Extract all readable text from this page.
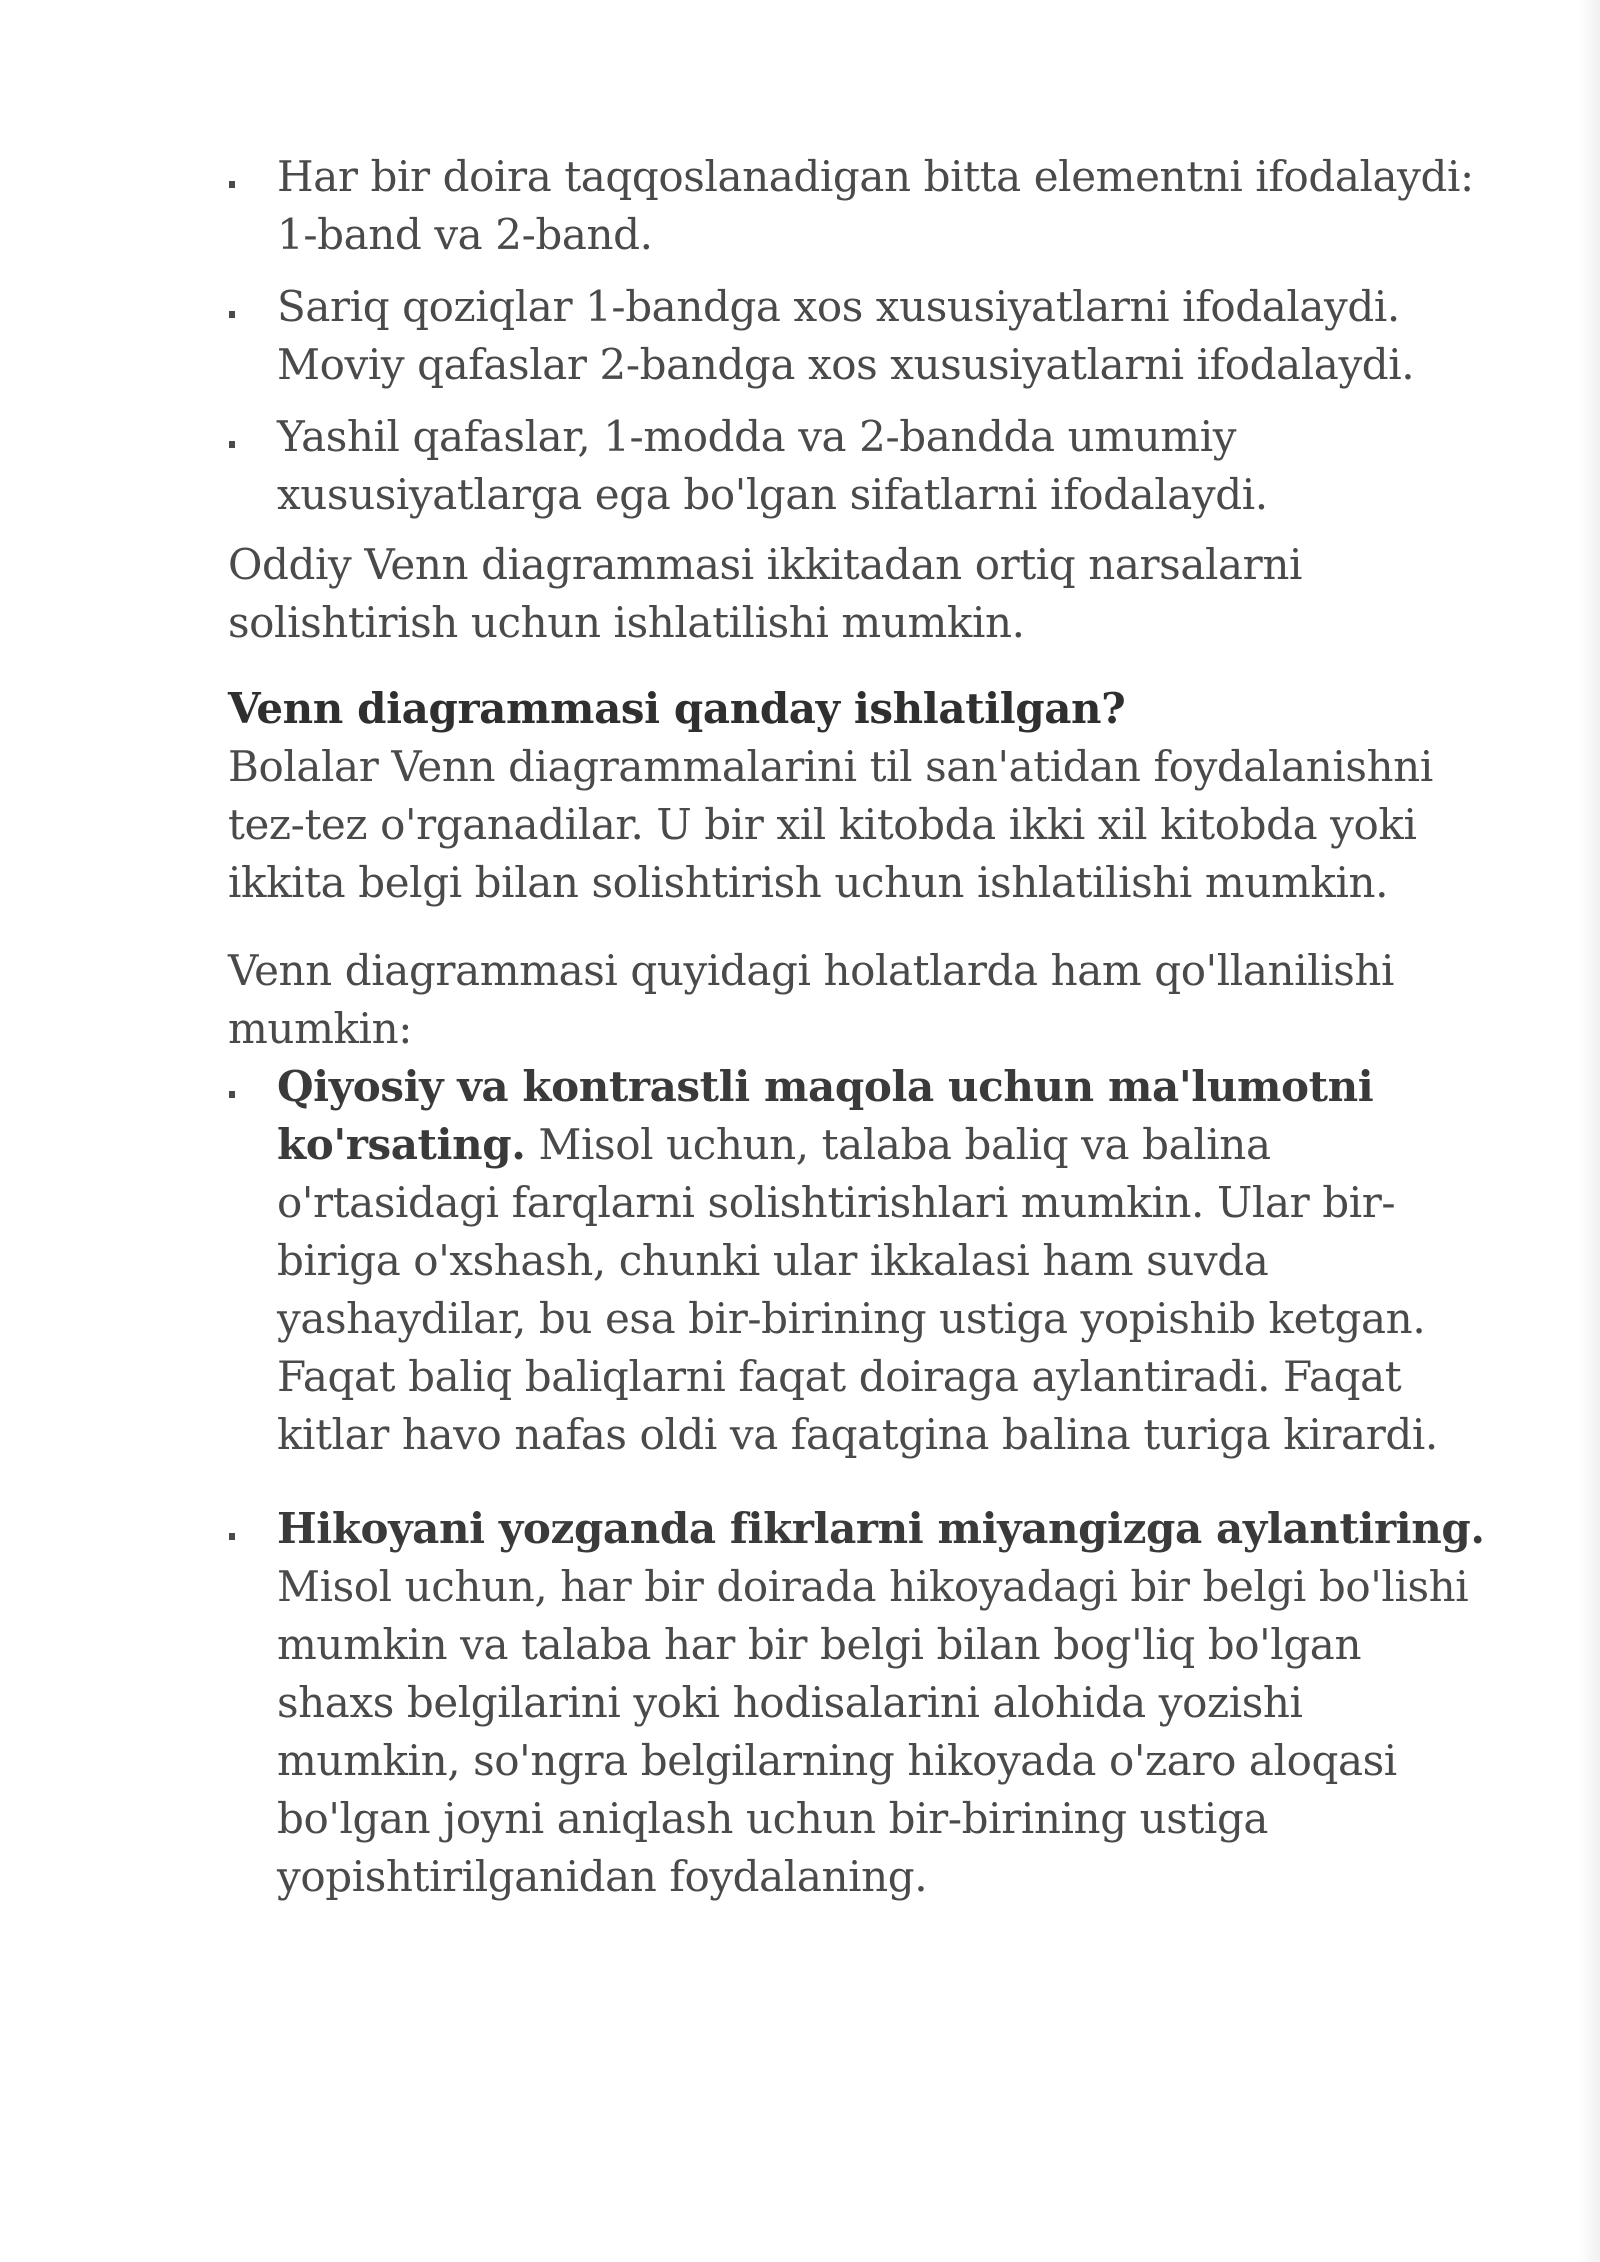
Har bir doira taqqoslanadigan bitta elementni ifodalaydi: 1-band va 2-band.
Sariq qoziqlar 1-bandga xos xususiyatlarni ifodalaydi. Moviy qafaslar 2-bandga xos xususiyatlarni ifodalaydi.
Yashil qafaslar, 1-modda va 2-bandda umumiy xususiyatlarga ega bo'lgan sifatlarni ifodalaydi.

Oddiy Venn diagrammasi ikkitadan ortiq narsalarni solishtirish uchun ishlatilishi mumkin.

Venn diagrammasi qanday ishlatilgan?

Bolalar Venn diagrammalarini til san'atidan foydalanishni tez-tez o'rganadilar. U bir xil kitobda ikki xil kitobda yoki ikkita belgi bilan solishtirish uchun ishlatilishi mumkin.

Venn diagrammasi quyidagi holatlarda ham qo'llanilishi mumkin:

Qiyosiy va kontrastli maqola uchun ma'lumotni ko'rsating. Misol uchun, talaba baliq va balina o'rtasidagi farqlarni solishtirishlari mumkin. Ular bir-biriga o'xshash, chunki ular ikkalasi ham suvda yashaydilar, bu esa bir-birining ustiga yopishib ketgan. Faqat baliq baliqlarni faqat doiraga aylantiradi. Faqat kitlar havo nafas oldi va faqatgina balina turiga kirardi.
Hikoyani yozganda fikrlarni miyangizga aylantiring. Misol uchun, har bir doirada hikoyadagi bir belgi bo'lishi mumkin va talaba har bir belgi bilan bog'liq bo'lgan shaxs belgilarini yoki hodisalarini alohida yozishi mumkin, so'ngra belgilarning hikoyada o'zaro aloqasi bo'lgan joyni aniqlash uchun bir-birining ustiga yopishtirilganidan foydalaning.
